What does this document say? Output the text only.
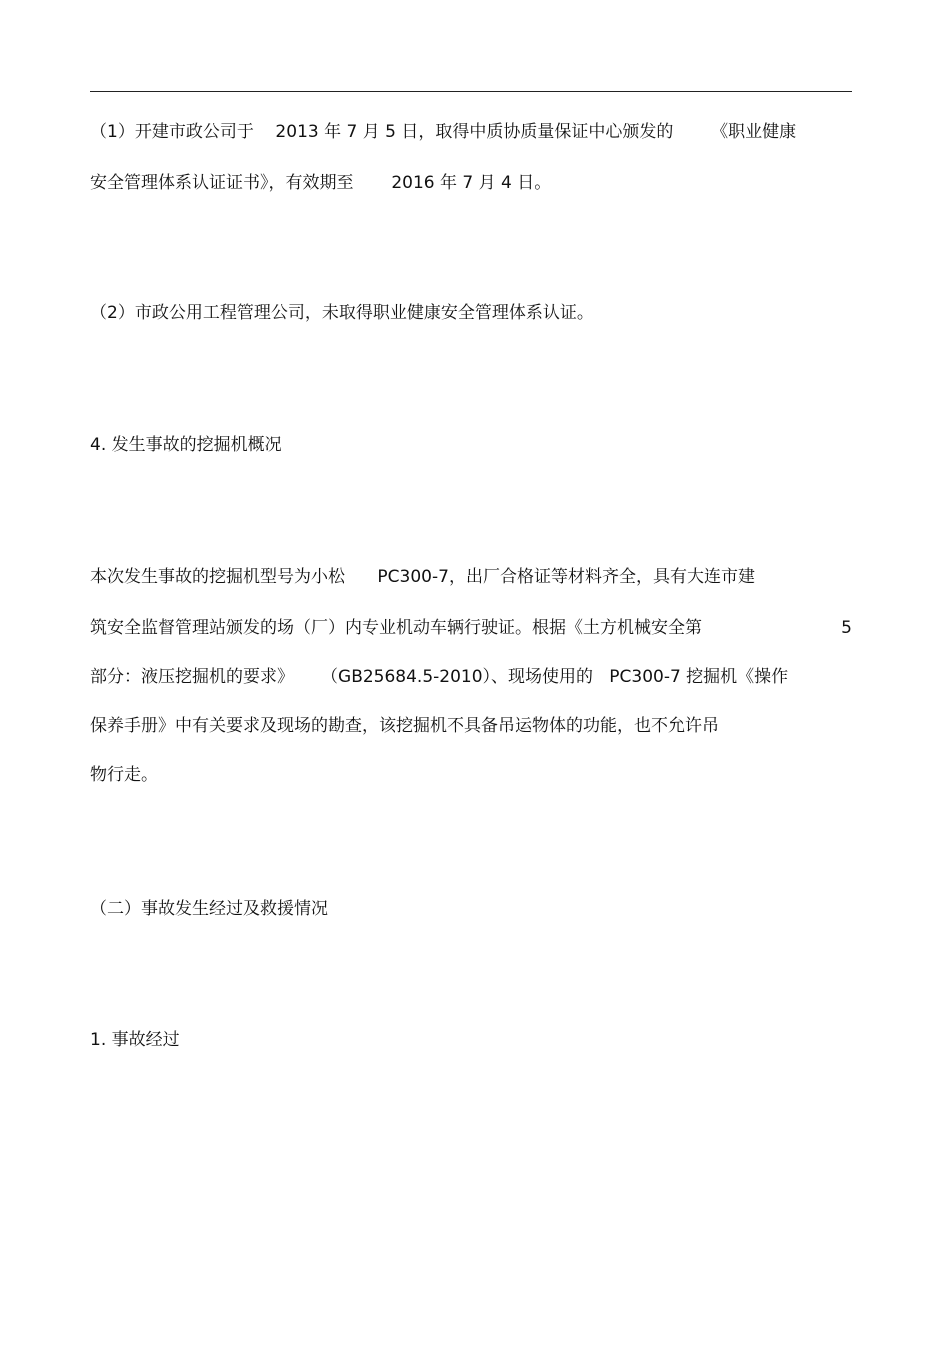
（1）开建市政公司于    2013 年 7 月 5 日，取得中质协质量保证中心颁发的       《职业健康
安全管理体系认证证书》，有效期至       2016 年 7 月 4 日。
（2）市政公用工程管理公司，未取得职业健康安全管理体系认证。
4. 发生事故的挖掘机概况
本次发生事故的挖掘机型号为小松      PC300-7，出厂合格证等材料齐全，具有大连市建
筑安全监督管理站颁发的场（厂）内专业机动车辆行驶证。根据《土方机械安全第	5
部分：液压挖掘机的要求》     （GB25684.5-2010）、现场使用的   PC300-7 挖掘机《操作
保养手册》中有关要求及现场的勘查，该挖掘机不具备吊运物体的功能，也不允许吊
物行走。
（二）事故发生经过及救援情况
1. 事故经过
